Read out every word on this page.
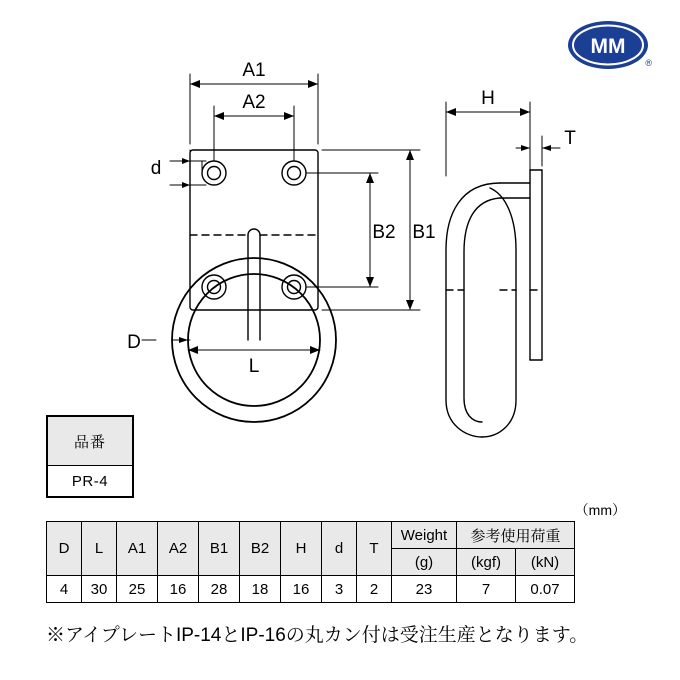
MM
®
A1
A2
d
B1
B2
D
L
H
T
品番
PR-4
（mm）
D	L	A1	A2	B1	B2	H	d	T	Weight	参考使用荷重	
									(g)	(kgf)	(kN)
4	30	25	16	28	18	16	3	2	23	7	0.07
※アイプレートIP-14とIP-16の丸カン付は受注生産となります。
